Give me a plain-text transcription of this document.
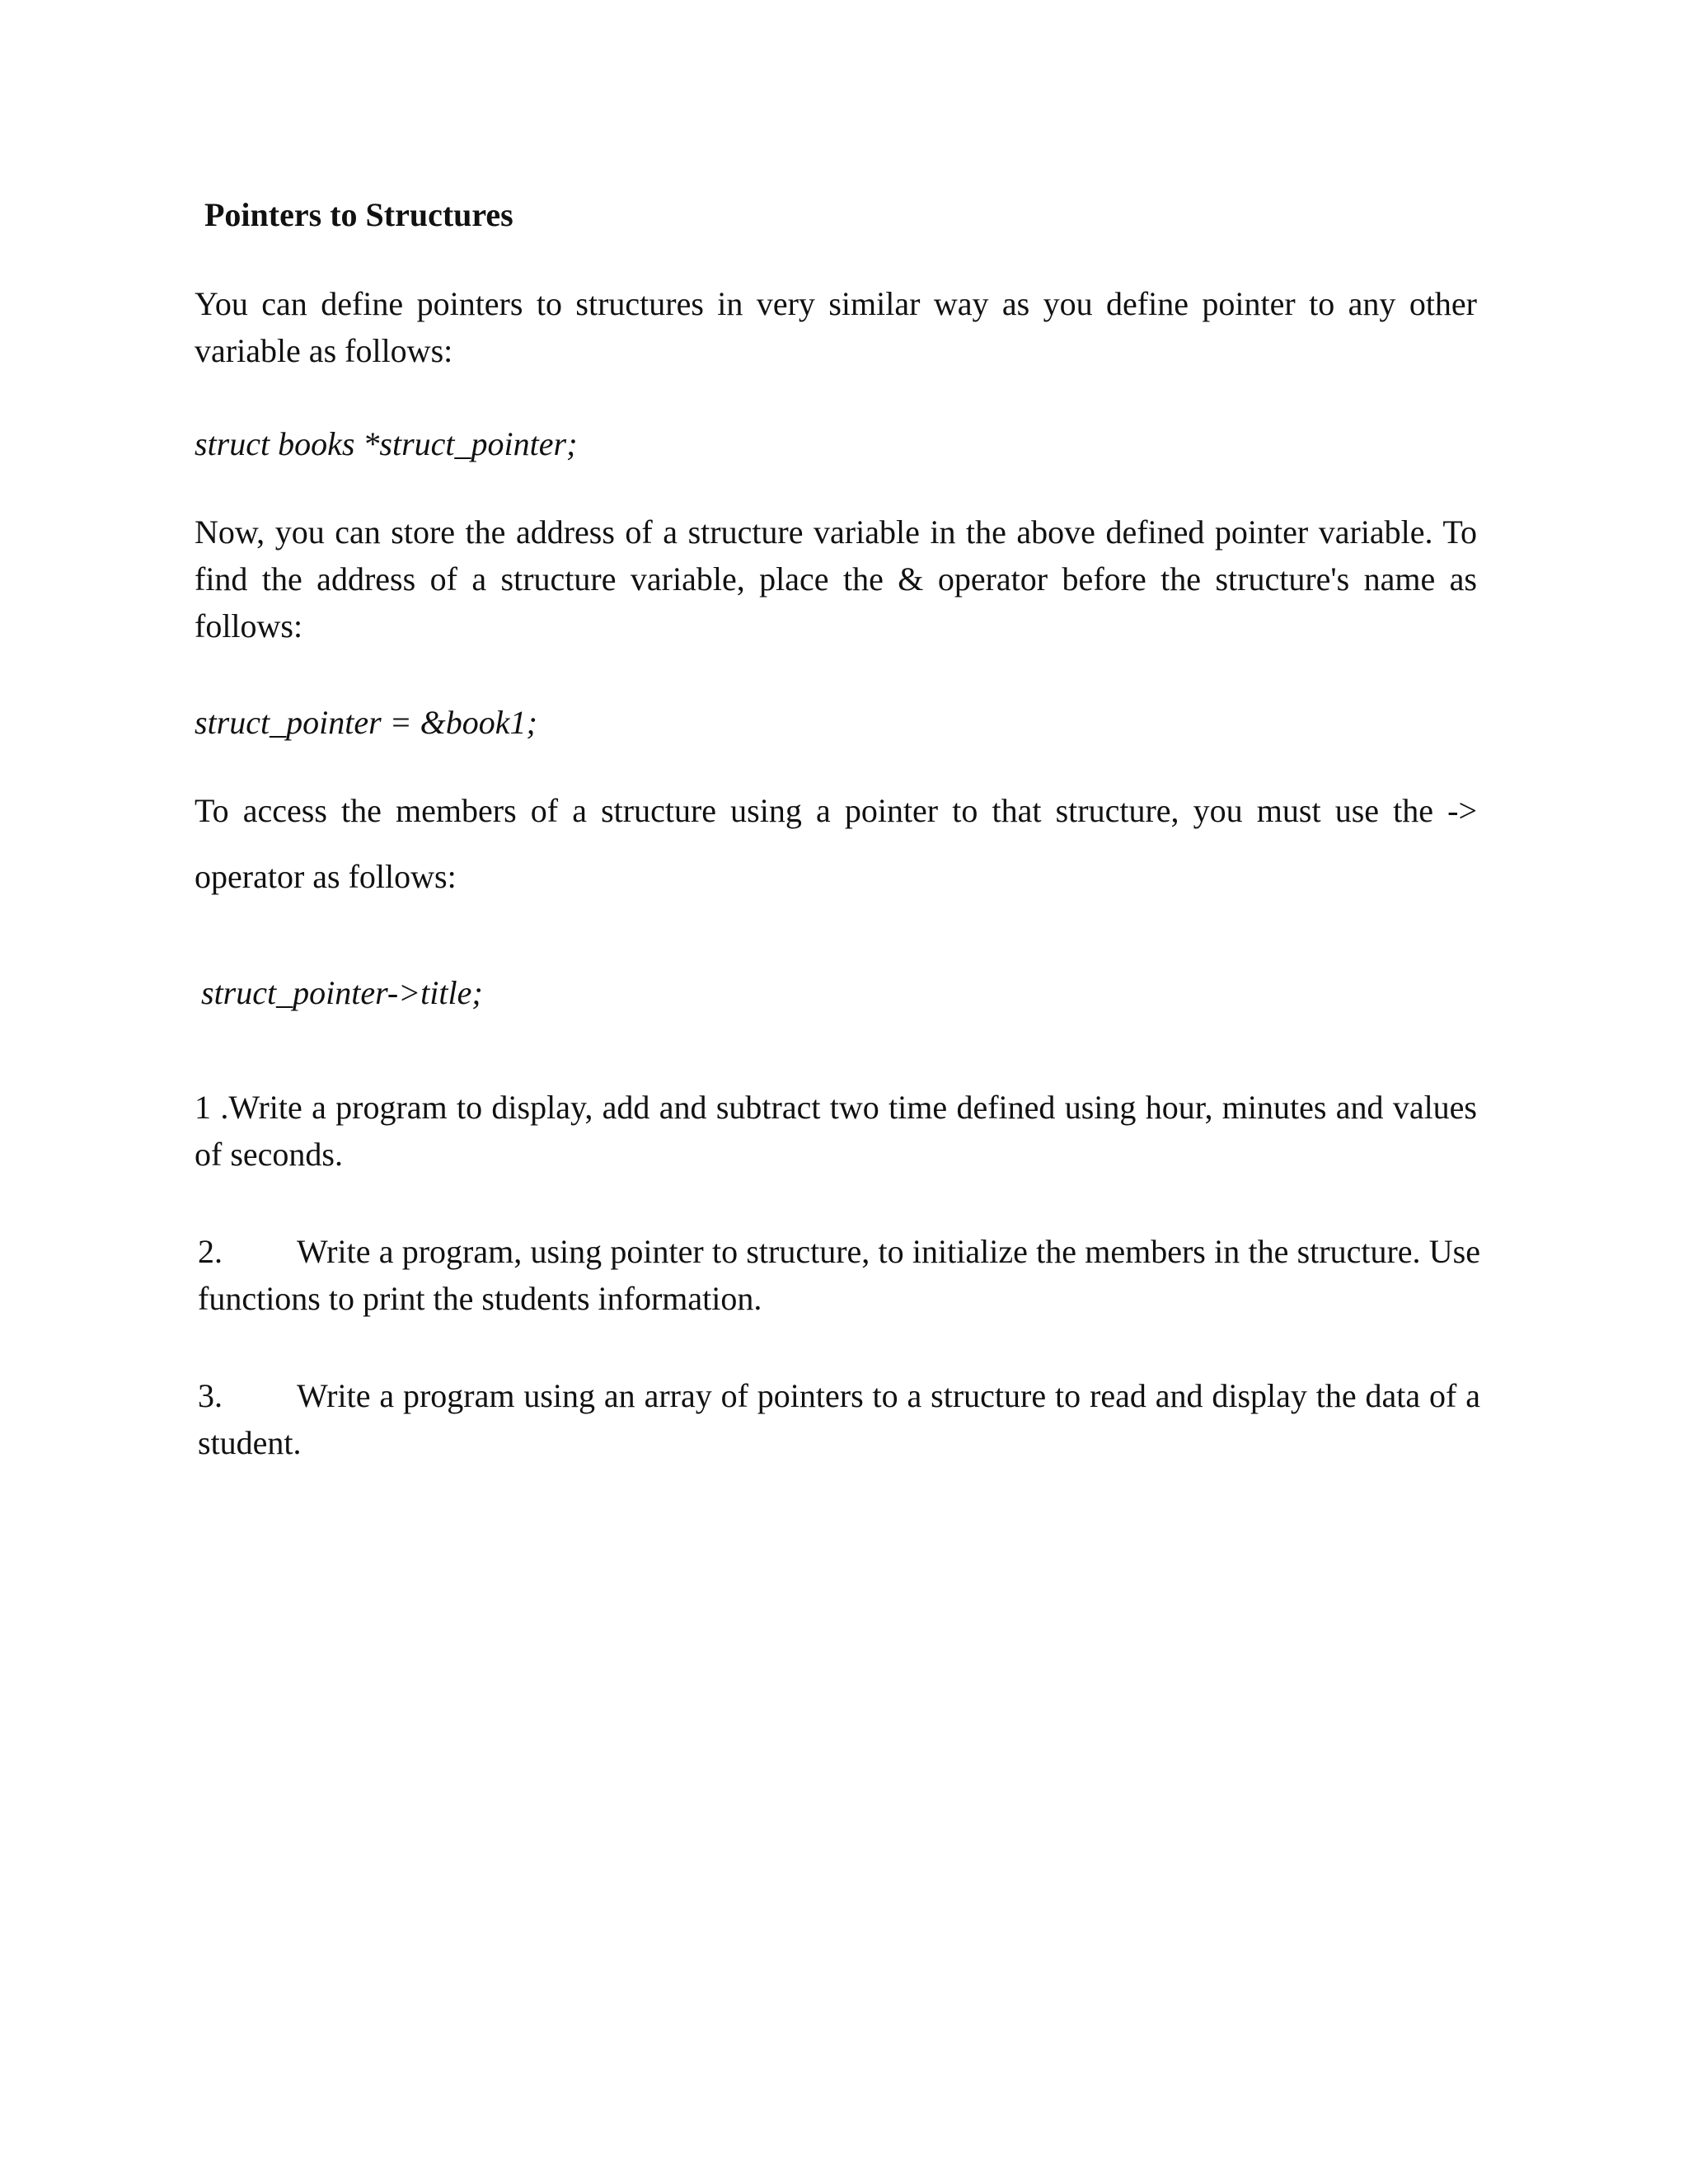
Pointers to Structures

You can define pointers to structures in very similar way as you define pointer to any other variable as follows:

struct books *struct_pointer;

Now, you can store the address of a structure variable in the above defined pointer variable. To find the address of a structure variable, place the & operator before the structure's name as follows:

struct_pointer = &book1;

To access the members of a structure using a pointer to that structure, you must use the -> operator as follows:

struct_pointer->title;

1 .Write a program to display, add and subtract two time defined using hour, minutes and values of seconds.

2. Write a program, using pointer to structure, to initialize the members in the structure. Use functions to print the students information.

3. Write a program using an array of pointers to a structure to read and display the data of a student.
